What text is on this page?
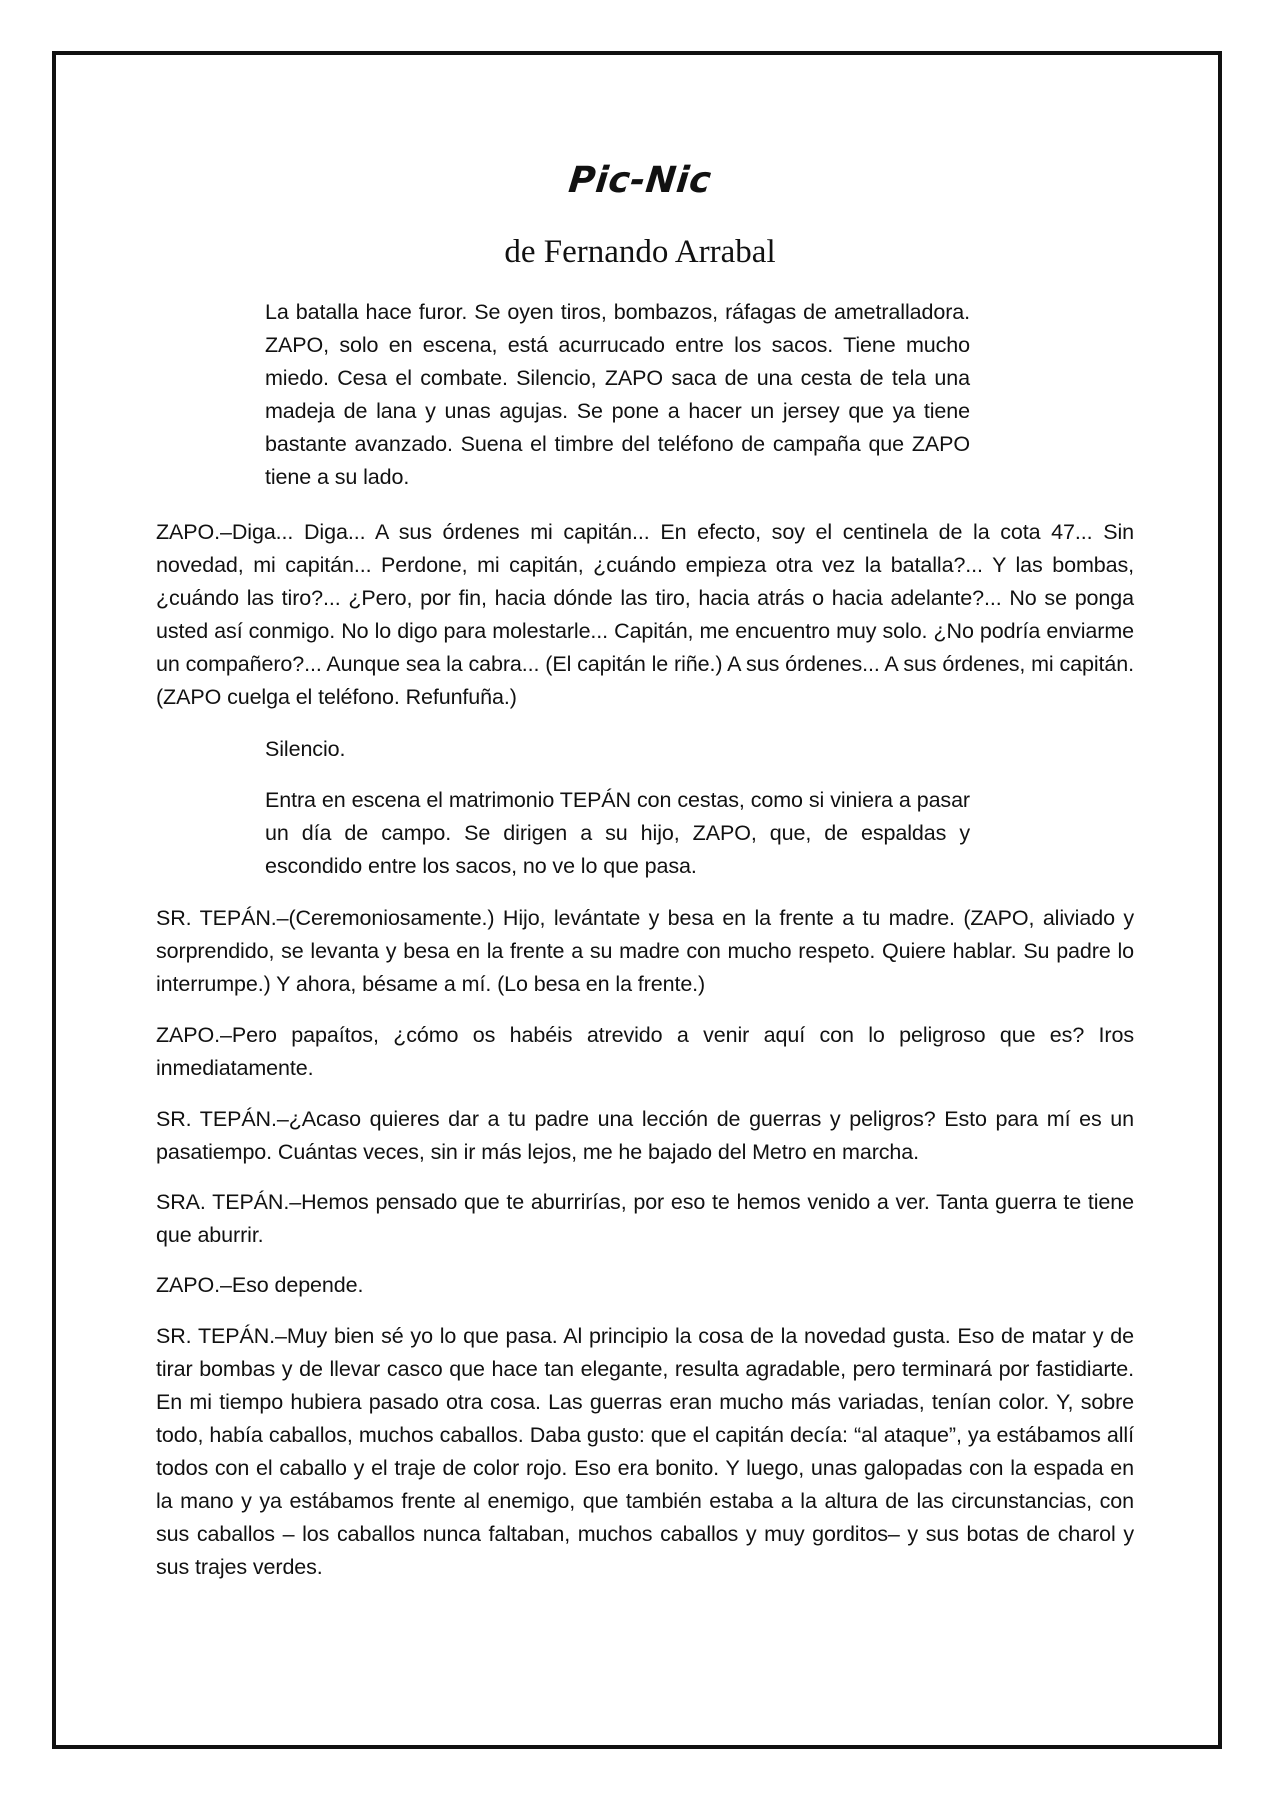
Pic-Nic
de Fernando Arrabal

La batalla hace furor. Se oyen tiros, bombazos, ráfagas de ametralladora. ZAPO, solo en escena, está acurrucado entre los sacos. Tiene mucho miedo. Cesa el combate. Silencio, ZAPO saca de una cesta de tela una madeja de lana y unas agujas. Se pone a hacer un jersey que ya tiene bastante avanzado. Suena el timbre del teléfono de campaña que ZAPO tiene a su lado.

ZAPO.–Diga... Diga... A sus órdenes mi capitán... En efecto, soy el centinela de la cota 47... Sin novedad, mi capitán... Perdone, mi capitán, ¿cuándo empieza otra vez la batalla?... Y las bombas, ¿cuándo las tiro?... ¿Pero, por fin, hacia dónde las tiro, hacia atrás o hacia adelante?... No se ponga usted así conmigo. No lo digo para molestarle... Capitán, me encuentro muy solo. ¿No podría enviarme un compañero?... Aunque sea la cabra... (El capitán le riñe.) A sus órdenes... A sus órdenes, mi capitán. (ZAPO cuelga el teléfono. Refunfuña.)

Silencio.

Entra en escena el matrimonio TEPÁN con cestas, como si viniera a pasar un día de campo. Se dirigen a su hijo, ZAPO, que, de espaldas y escondido entre los sacos, no ve lo que pasa.

SR. TEPÁN.–(Ceremoniosamente.) Hijo, levántate y besa en la frente a tu madre. (ZAPO, aliviado y sorprendido, se levanta y besa en la frente a su madre con mucho respeto. Quiere hablar. Su padre lo interrumpe.) Y ahora, bésame a mí. (Lo besa en la frente.)

ZAPO.–Pero papaítos, ¿cómo os habéis atrevido a venir aquí con lo peligroso que es? Iros inmediatamente.

SR. TEPÁN.–¿Acaso quieres dar a tu padre una lección de guerras y peligros? Esto para mí es un pasatiempo. Cuántas veces, sin ir más lejos, me he bajado del Metro en marcha.

SRA. TEPÁN.–Hemos pensado que te aburrirías, por eso te hemos venido a ver. Tanta guerra te tiene que aburrir.

ZAPO.–Eso depende.

SR. TEPÁN.–Muy bien sé yo lo que pasa. Al principio la cosa de la novedad gusta. Eso de matar y de tirar bombas y de llevar casco que hace tan elegante, resulta agradable, pero terminará por fastidiarte. En mi tiempo hubiera pasado otra cosa. Las guerras eran mucho más variadas, tenían color. Y, sobre todo, había caballos, muchos caballos. Daba gusto: que el capitán decía: “al ataque”, ya estábamos allí todos con el caballo y el traje de color rojo. Eso era bonito. Y luego, unas galopadas con la espada en la mano y ya estábamos frente al enemigo, que también estaba a la altura de las circunstancias, con sus caballos – los caballos nunca faltaban, muchos caballos y muy gorditos– y sus botas de charol y sus trajes verdes.
